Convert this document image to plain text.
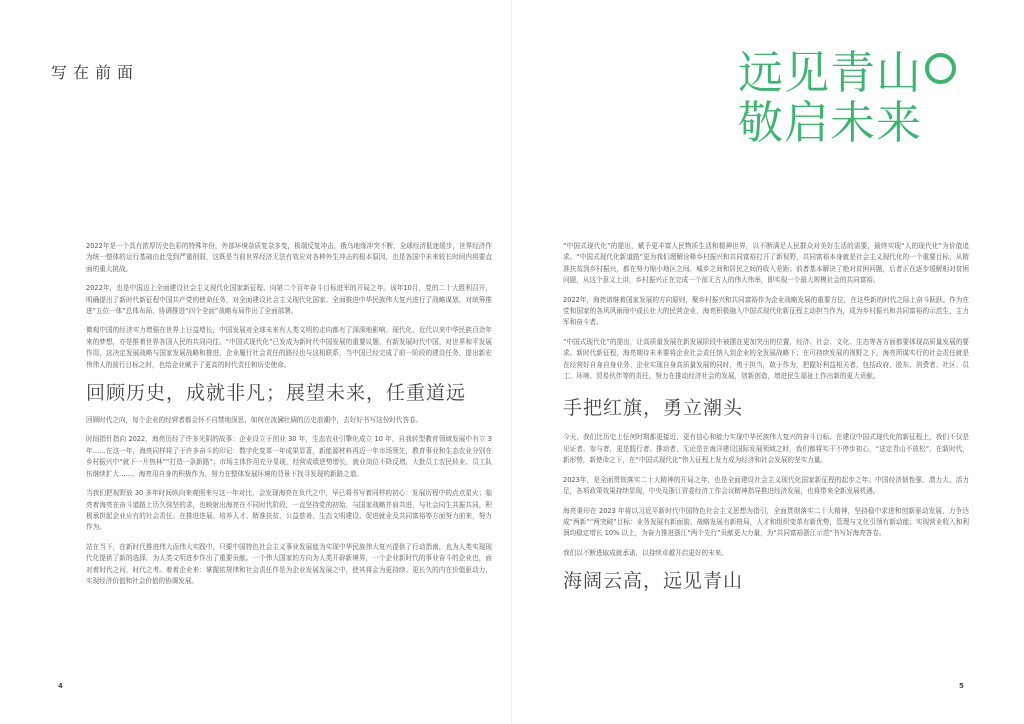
写在前面	远见青山
敬启未来

2022年是一个具有浓厚历史色彩的特殊年份，外部环境杂质复杂多变，极端反复冲击，俄乌地缘冲突不断，全球经济低迷缓步，世界经济作为统一整体的运行基础由此受到严重削弱，这既是当前世界经济无法有效应对各种外生冲击的根本原因，也是各国中未来较长时间内将要直面的重大挑战。

2022年，也是中国迈上全面建设社会主义现代化国家新征程、向第二个百年奋斗目标进军的开局之年。该年10月，党的二十大胜利召开，明确提出了新时代新征程中国共产党的使命任务，对全面建设社会主义现代化国家、全面推进中华民族伟大复兴进行了战略谋划，对统筹推进“五位一体”总体布局、协调推进“四个全面”战略布局作出了全面部署。

微观中国的经济实力增强在世界上日益增长，中国发展对全球未来有人类文明的走向都有了深深地影响。现代化，近代以来中华民族百余年来的梦想，亦是推着世界各国人民的共同向往。“中国式现代化”已发成为新时代中国发展的重要议题，有新发展时代中国，对世界和平发展作用，这决定发展战略与国家发展战略和推进，企业履行社会责任的路径也与这相联系，当中国已经完成了前一阶段的建设任务，提出新宏伟伟人的前行目标之时，也给企业赋予了更高的时代责任和历史使命。

回顾历史，成就非凡；展望未来，任重道远

回顾时代之向，每个企业的经营者都会怀不自禁地深思，如何在波澜壮阔的历史浪潮中，去好好书写这份时代答卷。

时间指针指向 2022，海亮历经了许多光阴的故事：企业设立于创业 30 年，生态农业引擎化成立 10 年，自我转型教育领域发展中有立 3 年……在这一年，海亮同样将了于许多奋斗的印记：数字化变革一年成果显著，新能源材料再迈一年市场领先，教育事业和生态农业分别在乡村振兴中“就下一片热林”“打造一条新路”；市场主体作用充分显现，经营成绩逆势增长，就业岗位不降反增，大批员工农民转业、员工队伍继续扩大……，海亮用自身的积极作为，努力在整体发展环境的背景下找寻发现的新路之道。

当我们把视野放 30 多年时间纵向来观照来与这一年对比，会发现海亮在负代之中，早已将书写着同样的初心：发展历程中的点点星火；临亮着海亮在奋斗道路上历久弥坚的求，也映射出海亮在不同时代阶段，一直坚持党的初始，与国家战略并肩共进，与社会同生共振共同，积极承担起企业应有的社会责任。在推进进展、培养人才、精准扶贫、公益慈善、生态文明建设、促进就业及共同富裕等方面努力前来，努力作为。

站在当下，在新时代推进伟大而伟大实践中，只要中国特色社会主义事业发展能为实现中华民族伟大复兴提供了行动指南，也为人类实现现代化提供了新的选择，为人类文明进步作出了重要贡献。一个伟大国家的方向为人类开辟新境界，一个企业新时代的事业奋斗的企业也，面对着时代之问，时代之考。着着企业来：掌握依规律和社会责任作是为企业发展发展之中，使其将会为更持续、更长久的内在价值驱动力，实现经济价值和社会价值的协调发展。

“中国式现代化”的提出，赋予更丰富人民物质生活和精神世界，以不断满足人民群众对美好生活的需要，最终实现“人的现代化”为价值追求。“中国式现代化新道路”更为我们理解诠释乡村振兴和共同富裕打开了新视野，共同富裕本身就是社会主义现代化的一个重要目标，从精准扶贫到乡村振兴，都在努力缩小地区之间、城乡之间和居民之间的收入差距；前者基本解决了绝对贫困问题，后者正在逐步缓解相对贫困问题，从这个意义上讲，乡村振兴正在完成一个前无古人的伟大伟举，即实现一个最大规模社会的共同富裕。

2022年，海亮谱继着国家发展的方向原则，聚乡村振兴和共同富裕作为企业战略发展的重要方位，在这些新的时代之际上奋斗跃跃。作为在党和国家的各风风雨雨中成长壮大的民营企业，海亮积极融入中国式现代化新征程主动担当作为，成为乡村振兴和共同富裕的示范生，主力军和奋斗者。

“中国式现代化”的提出，让高质量发展在新发展阶段中被摆在更加突出的位置，经济、社会、文化、生态等各方面都要体现高质量发展的要求。新时代新征程，海亮期待未来要将企业社会责任纳入到企业的全发展战略下；在可持续发展的视野之下，海亮所谋实行的社会责任就是在经营好自身自身业务、企业实现自身高质量发展的同时，勇于担当，敢于作为，把握好利益相关者，包括政府、股东、消费者、社区、员工、环境、贸易伙伴等的责任，努力在推动经济社会的发展，创新创造，增进民生福祉上作出新的更大贡献。

手把红旗，勇立潮头

今天，我们比历史上任何时期都更接近、更有信心和能力实现中华民族伟大复兴的奋斗目标。在建设中国式现代化的新征程上，我们不仅是见证者、参与者，更是践行者、推动者，无论是在海洋建设国际发展领域之时，我们都将实干不停步初心，“送定青山不放松”，在新时代，新形势，新使命之下，在“中国式现代化”伟大征程上发力成为经济和社会发展的坚实力量。

2023年，是全面贯彻落实二十大精神的开局之年，也是全面建设社会主义现代化国家新征程的起步之年。中国经济韧性强、潜力大、活力足，各项政策效果持续显现，中央及浙江省委经济工作会议精神指导推进经济发展，也将带来全新发展机遇。

海亮秉印在 2023 年将以习近平新时代中国特色社会主义思想为指引，全面贯彻落实二十大精神，坚持稳中求进和创新驱动发展，力争达成“两新”“两突破”目标：业务发展有新面貌、战略发展有新格局，人才和组织变革有新优势，管理与文化引领有新动能；实现营业收入和利润均稳定增长 10% 以上，为奋力推进浙江“两个先行”贡献更大力量，为“共同富裕浙江示范”书写好海亮答卷。

我们以不断进取成就承诺，以持续卓越开启更好的未来。

海阔云高，远见青山
4	5
